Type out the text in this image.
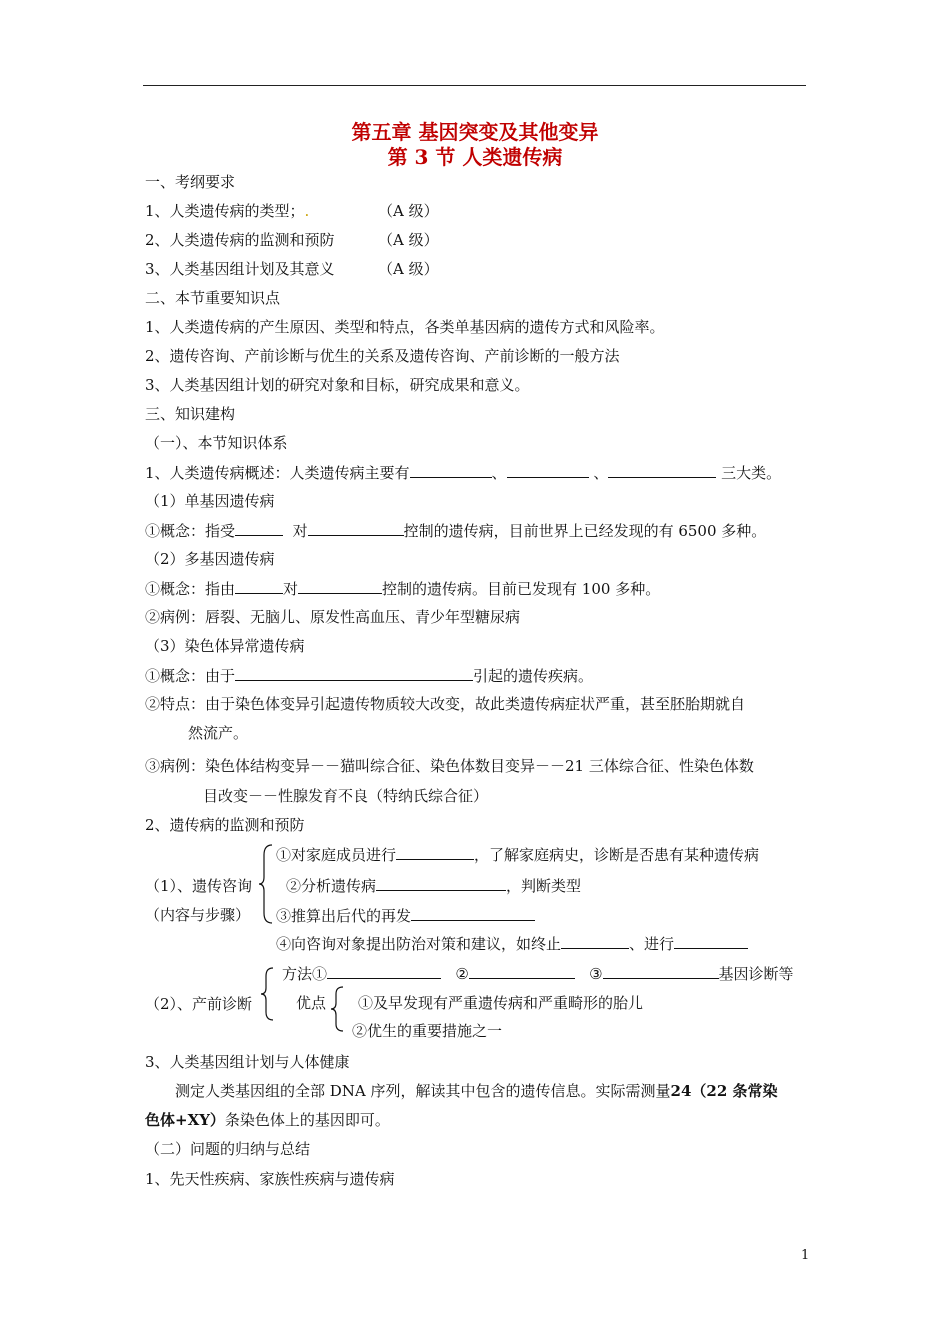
第五章 基因突变及其他变异
第 3 节 人类遗传病
一、考纲要求
1、人类遗传病的类型；.	（A 级）
2、人类遗传病的监测和预防	（A 级）
3、人类基因组计划及其意义	（A 级）
二、本节重要知识点
1、人类遗传病的产生原因、类型和特点，各类单基因病的遗传方式和风险率。
2、遗传咨询、产前诊断与优生的关系及遗传咨询、产前诊断的一般方法
3、人类基因组计划的研究对象和目标，研究成果和意义。
三、知识建构
（一）、本节知识体系
1、人类遗传病概述：人类遗传病主要有	、	、	三大类。
（1）单基因遗传病
①概念：指受	对	控制的遗传病，目前世界上已经发现的有 6500 多种。
（2）多基因遗传病
①概念：指由	对	控制的遗传病。目前已发现有 100 多种。
②病例：唇裂、无脑儿、原发性高血压、青少年型糖尿病
（3）染色体异常遗传病
①概念：由于	引起的遗传疾病。
②特点：由于染色体变异引起遗传物质较大改变，故此类遗传病症状严重，甚至胚胎期就自
然流产。
③病例：染色体结构变异－－猫叫综合征、染色体数目变异－－21 三体综合征、性染色体数
目改变－－性腺发育不良（特纳氏综合征）
2、遗传病的监测和预防
①对家庭成员进行	，了解家庭病史，诊断是否患有某种遗传病
（1）、遗传咨询 ②分析遗传病	，判断类型
（内容与步骤） ③推算出后代的再发
④向咨询对象提出防治对策和建议，如终止	、进行
方法①	②	③	基因诊断等
（2）、产前诊断	优点 ①及早发现有严重遗传病和严重畸形的胎儿
②优生的重要措施之一
3、人类基因组计划与人体健康
测定人类基因组的全部 DNA 序列，解读其中包含的遗传信息。实际需测量24（22 条常染
色体+XY）条染色体上的基因即可。
（二）问题的归纳与总结
1、先天性疾病、家族性疾病与遗传病
1
